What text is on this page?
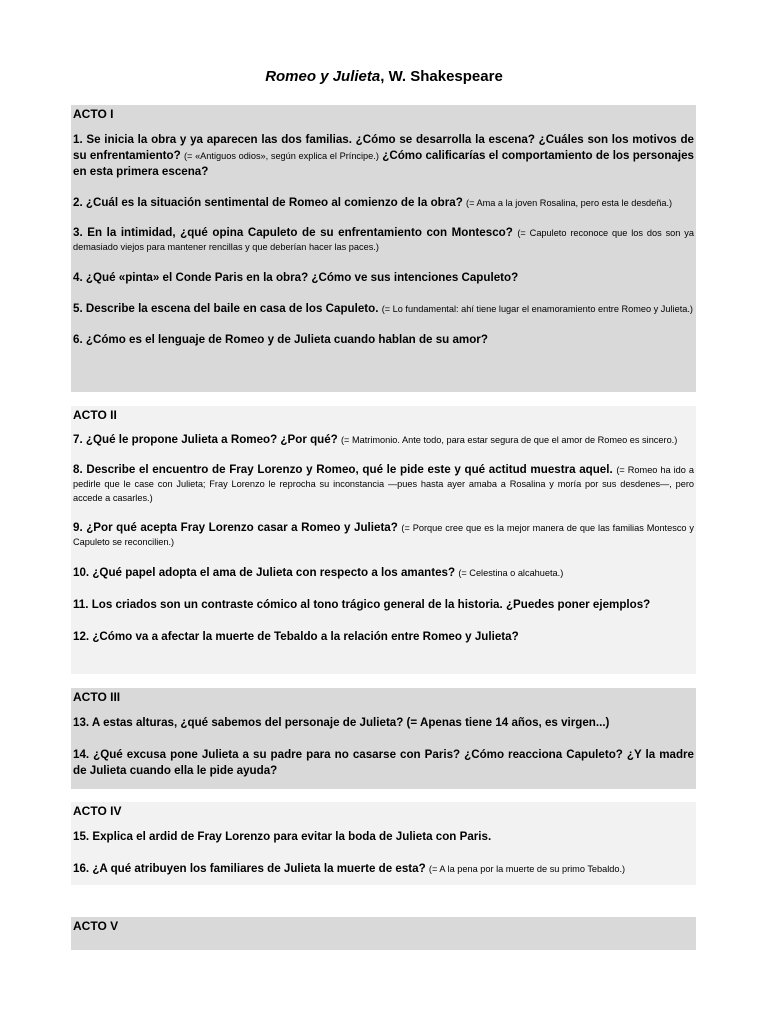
Romeo y Julieta, W. Shakespeare
ACTO I

1. Se inicia la obra y ya aparecen las dos familias. ¿Cómo se desarrolla la escena? ¿Cuáles son los motivos de su enfrentamiento? (= «Antiguos odios», según explica el Príncipe.) ¿Cómo calificarías el comportamiento de los personajes en esta primera escena?

2. ¿Cuál es la situación sentimental de Romeo al comienzo de la obra? (= Ama a la joven Rosalina, pero esta le desdeña.)

3. En la intimidad, ¿qué opina Capuleto de su enfrentamiento con Montesco? (= Capuleto reconoce que los dos son ya demasiado viejos para mantener rencillas y que deberían hacer las paces.)

4. ¿Qué «pinta» el Conde Paris en la obra? ¿Cómo ve sus intenciones Capuleto?

5. Describe la escena del baile en casa de los Capuleto. (= Lo fundamental: ahí tiene lugar el enamoramiento entre Romeo y Julieta.)

6. ¿Cómo es el lenguaje de Romeo y de Julieta cuando hablan de su amor?

ACTO II

7. ¿Qué le propone Julieta a Romeo? ¿Por qué? (= Matrimonio. Ante todo, para estar segura de que el amor de Romeo es sincero.)

8. Describe el encuentro de Fray Lorenzo y Romeo, qué le pide este y qué actitud muestra aquel. (= Romeo ha ido a pedirle que le case con Julieta; Fray Lorenzo le reprocha su inconstancia —pues hasta ayer amaba a Rosalina y moría por sus desdenes—, pero accede a casarles.)

9. ¿Por qué acepta Fray Lorenzo casar a Romeo y Julieta? (= Porque cree que es la mejor manera de que las familias Montesco y Capuleto se reconcilien.)

10. ¿Qué papel adopta el ama de Julieta con respecto a los amantes? (= Celestina o alcahueta.)

11. Los criados son un contraste cómico al tono trágico general de la historia. ¿Puedes poner ejemplos?

12. ¿Cómo va a afectar la muerte de Tebaldo a la relación entre Romeo y Julieta?

ACTO III

13. A estas alturas, ¿qué sabemos del personaje de Julieta? (= Apenas tiene 14 años, es virgen...)

14. ¿Qué excusa pone Julieta a su padre para no casarse con Paris? ¿Cómo reacciona Capuleto? ¿Y la madre de Julieta cuando ella le pide ayuda?

ACTO IV

15. Explica el ardid de Fray Lorenzo para evitar la boda de Julieta con Paris.

16. ¿A qué atribuyen los familiares de Julieta la muerte de esta? (= A la pena por la muerte de su primo Tebaldo.)

ACTO V
